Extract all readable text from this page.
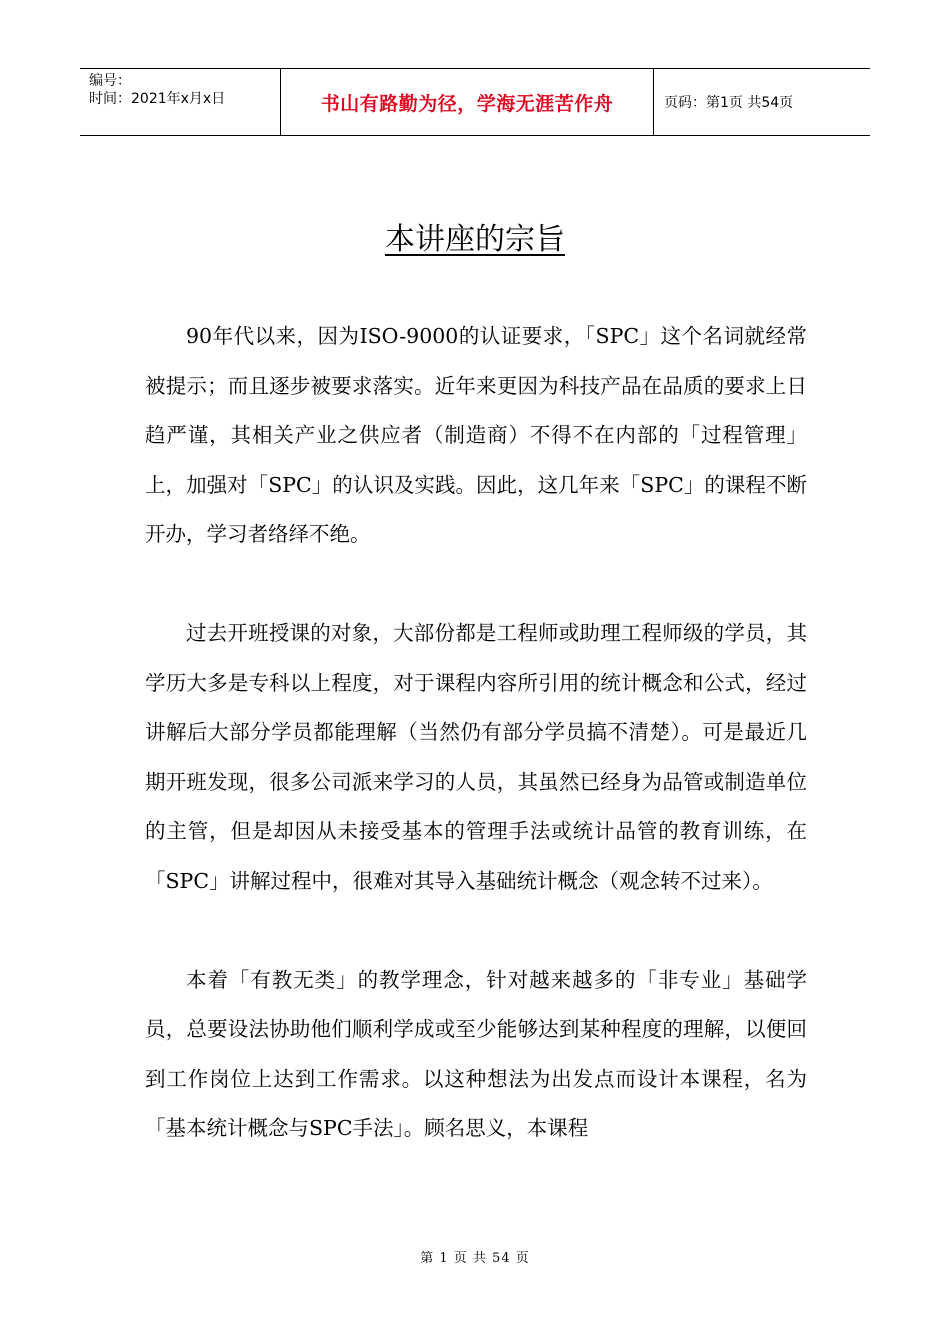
编号：
时间：2021年x月x日	书山有路勤为径，学海无涯苦作舟	页码：第1页 共54页
本讲座的宗旨

90年代以来，因为ISO-9000的认证要求，「SPC」这个名词就经常被提示；而且逐步被要求落实。近年来更因为科技产品在品质的要求上日趋严谨，其相关产业之供应者（制造商）不得不在内部的「过程管理」上，加强对「SPC」的认识及实践。因此，这几年来「SPC」的课程不断开办，学习者络绎不绝。

过去开班授课的对象，大部份都是工程师或助理工程师级的学员，其学历大多是专科以上程度，对于课程内容所引用的统计概念和公式，经过讲解后大部分学员都能理解（当然仍有部分学员搞不清楚）。可是最近几期开班发现，很多公司派来学习的人员，其虽然已经身为品管或制造单位的主管，但是却因从未接受基本的管理手法或统计品管的教育训练，在「SPC」讲解过程中，很难对其导入基础统计概念（观念转不过来）。

本着「有教无类」的教学理念，针对越来越多的「非专业」基础学员，总要设法协助他们顺利学成或至少能够达到某种程度的理解，以便回到工作岗位上达到工作需求。以这种想法为出发点而设计本课程，名为「基本统计概念与SPC手法」。顾名思义，本课程

第 1 页 共 54 页
